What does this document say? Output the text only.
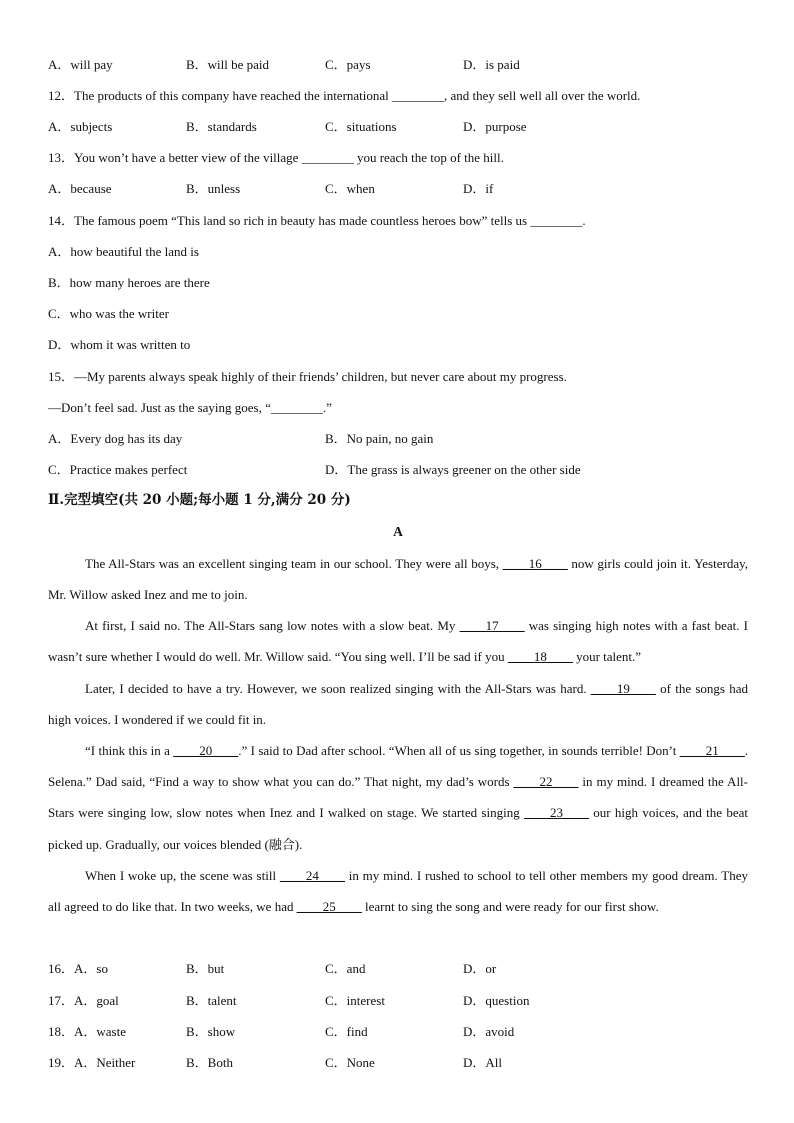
A．will pay	B．will be paid	C．pays	D．is paid
12．The products of this company have reached the international ________, and they sell well all over the world.
A．subjects	B．standards	C．situations	D．purpose
13．You won’t have a better view of the village ________ you reach the top of the hill.
A．because	B．unless	C．when	D．if
14．The famous poem “This land so rich in beauty has made countless heroes bow” tells us ________.
A．how beautiful the land is
B．how many heroes are there
C．who was the writer
D．whom it was written to
15．—My parents always speak highly of their friends’ children, but never care about my progress.
—Don’t feel sad. Just as the saying goes, “________.”
A．Every dog has its day	B．No pain, no gain
C．Practice makes perfect	D．The grass is always greener on the other side
Ⅱ.完型填空(共 20 小题;每小题 1 分,满分 20 分)
A
The All-Stars was an excellent singing team in our school. They were all boys, ____16____ now girls could join it. Yesterday, Mr. Willow asked Inez and me to join.
At first, I said no. The All-Stars sang low notes with a slow beat. My ____17____ was singing high notes with a fast beat. I wasn’t sure whether I would do well. Mr. Willow said. “You sing well. I’ll be sad if you ____18____ your talent.”
Later, I decided to have a try. However, we soon realized singing with the All-Stars was hard. ____19____ of the songs had high voices. I wondered if we could fit in.
“I think this in a ____20____.” I said to Dad after school. “When all of us sing together, in sounds terrible! Don’t ____21____. Selena.” Dad said, “Find a way to show what you can do.” That night, my dad’s words ____22____ in my mind. I dreamed the All-Stars were singing low, slow notes when Inez and I walked on stage. We started singing ____23____ our high voices, and the beat picked up. Gradually, our voices blended (融合).
When I woke up, the scene was still ____24____ in my mind. I rushed to school to tell other members my good dream. They all agreed to do like that. In two weeks, we had ____25____ learnt to sing the song and were ready for our first show.
16．A．so	B．but	C．and	D．or
17．A．goal	B．talent	C．interest	D．question
18．A．waste	B．show	C．find	D．avoid
19．A．Neither	B．Both	C．None	D．All
